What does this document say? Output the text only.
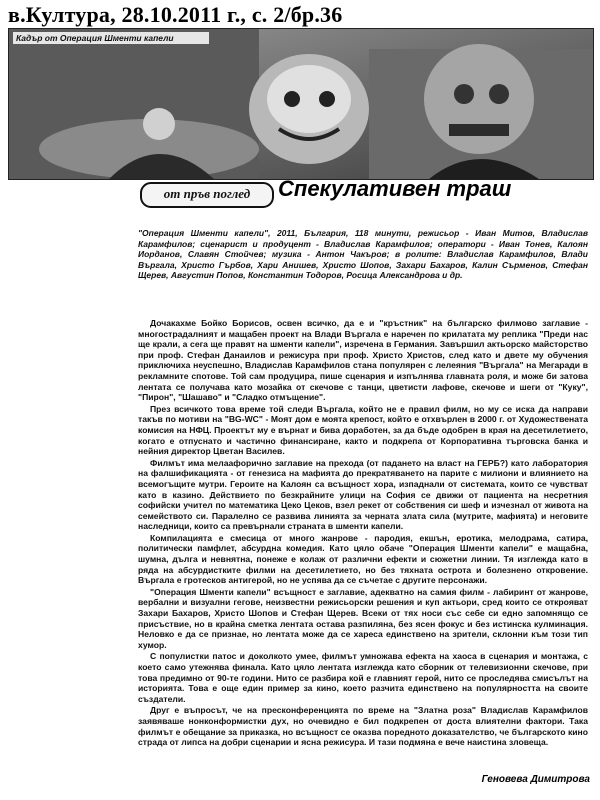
в.Култура, 28.10.2011 г., с. 2/бр.36
Кадър от Операция Шменти капели
от пръв поглед	Спекулативен траш
"Операция Шменти капели", 2011, България, 118 минути, режисьор - Иван Митов, Владислав Карамфилов; сценарист и продуцент - Владислав Карамфилов; оператори - Иван Тонев, Калоян Иорданов, Славян Стойчев; музика - Антон Чакъров; в ролите: Владислав Карамфилов, Влади Въргала, Христо Гърбов, Хари Анишев, Христо Шопов, Захари Бахаров, Калин Сърменов, Стефан Щерев, Августин Попов, Константин Тодоров, Росица Александрова и др.

Дочакахме Бойко Борисов, освен всичко, да е и "кръстник" на българско филмово заглавие - многострадалният и мащабен проект на Влади Въргала е наречен по крилатата му реплика "Преди нас ще крали, а сега ще правят на шменти капели", изречена в Германия. Завършил актьорско майсторство при проф. Стефан Данаилов и режисура при проф. Христо Христов, след като и двете му обучения приключиха неуспешно, Владислав Карамфилов стана популярен с лелеяния "Въргала" на Мегаради в рекламните спотове. Той сам продуцира, пише сценария и изпълнява главната роля, и може би затова лентата се получава като мозайка от скечове с танци, цветисти лафове, скечове и шеги от "Куку", "Пирон", "Шашаво" и "Сладко отмъщение".

През всичкото това време той следи Въргала, който не е правил филм, но му се иска да направи такъв по мотиви на "BG-WC" - Моят дом е моята крепост, който е отхвърлен в 2000 г. от Художествената комисия на НФЦ. Проектът му е върнат и бива доработен, за да бъде одобрен в края на десетилетието, когато е отпуснато и частично финансиране, както и подкрепа от Корпоративна търговска банка и нейния директор Цветан Василев.

Филмът има мелаафорично заглавие на прехода (от падането на власт на ГЕРБ?) като лаборатория на фалшификацията - от генезиса на мафията до прекратяването на парите с милиони и влиянието на всемогъщите мутри. Героите на Калоян са всъщност хора, изпаднали от системата, които се чувстват като в казино. Действието по безкрайните улици на София се движи от пациента на несретния софийски учител по математика Цеко Цеков, взел рекет от собствения си шеф и изчезнал от живота на семейството си. Паралелно се развива линията за черната злата сила (мутрите, мафията) и неговите наследници, които са превърнали страната в шменти капели.

Компилацията е смесица от много жанрове - пародия, екшън, еротика, мелодрама, сатира, политически памфлет, абсурдна комедия. Като цяло обаче "Операция Шменти капели" е мащабна, шумна, дълга и невнятна, понеже е колаж от различни ефекти и сюжетни линии. Тя изглежда като в ряда на абсурдистките филми на десетилетието, но без тяхната острота и болезнено откровение. Въргала е гротесков антигерой, но не успява да се съчетае с другите персонажи.

"Операция Шменти капели" всъщност е заглавие, адекватно на самия филм - лабиринт от жанрове, вербални и визуални гегове, неизвестни режисьорски решения и куп актьори, сред които се открояват Захари Бахаров, Христо Шопов и Стефан Щерев. Всеки от тях носи със себе си едно запомнящо се присъствие, но в крайна сметка лентата остава разпиляна, без ясен фокус и без истинска кулминация. Неловко е да се признае, но лентата може да се хареса единствено на зрители, склонни към този тип хумор.

С популистки патос и доколкото умее, филмът умножава ефекта на хаоса в сценария и монтажа, с което само утежнява финала. Като цяло лентата изглежда като сборник от телевизионни скечове, при това предимно от 90-те години. Нито се разбира кой е главният герой, нито се проследява смисълът на историята. Това е още един пример за кино, което разчита единствено на популярността на своите създатели.

Друг е въпросът, че на пресконференцията по време на "Златна роза" Владислав Карамфилов заявяваше нонконформистки дух, но очевидно е бил подкрепен от доста влиятелни фактори. Така филмът е обещание за приказка, но всъщност се оказва поредното доказателство, че българското кино страда от липса на добри сценарии и ясна режисура. И тази подмяна е вече наистина зловеща.

Геновева Димитрова
